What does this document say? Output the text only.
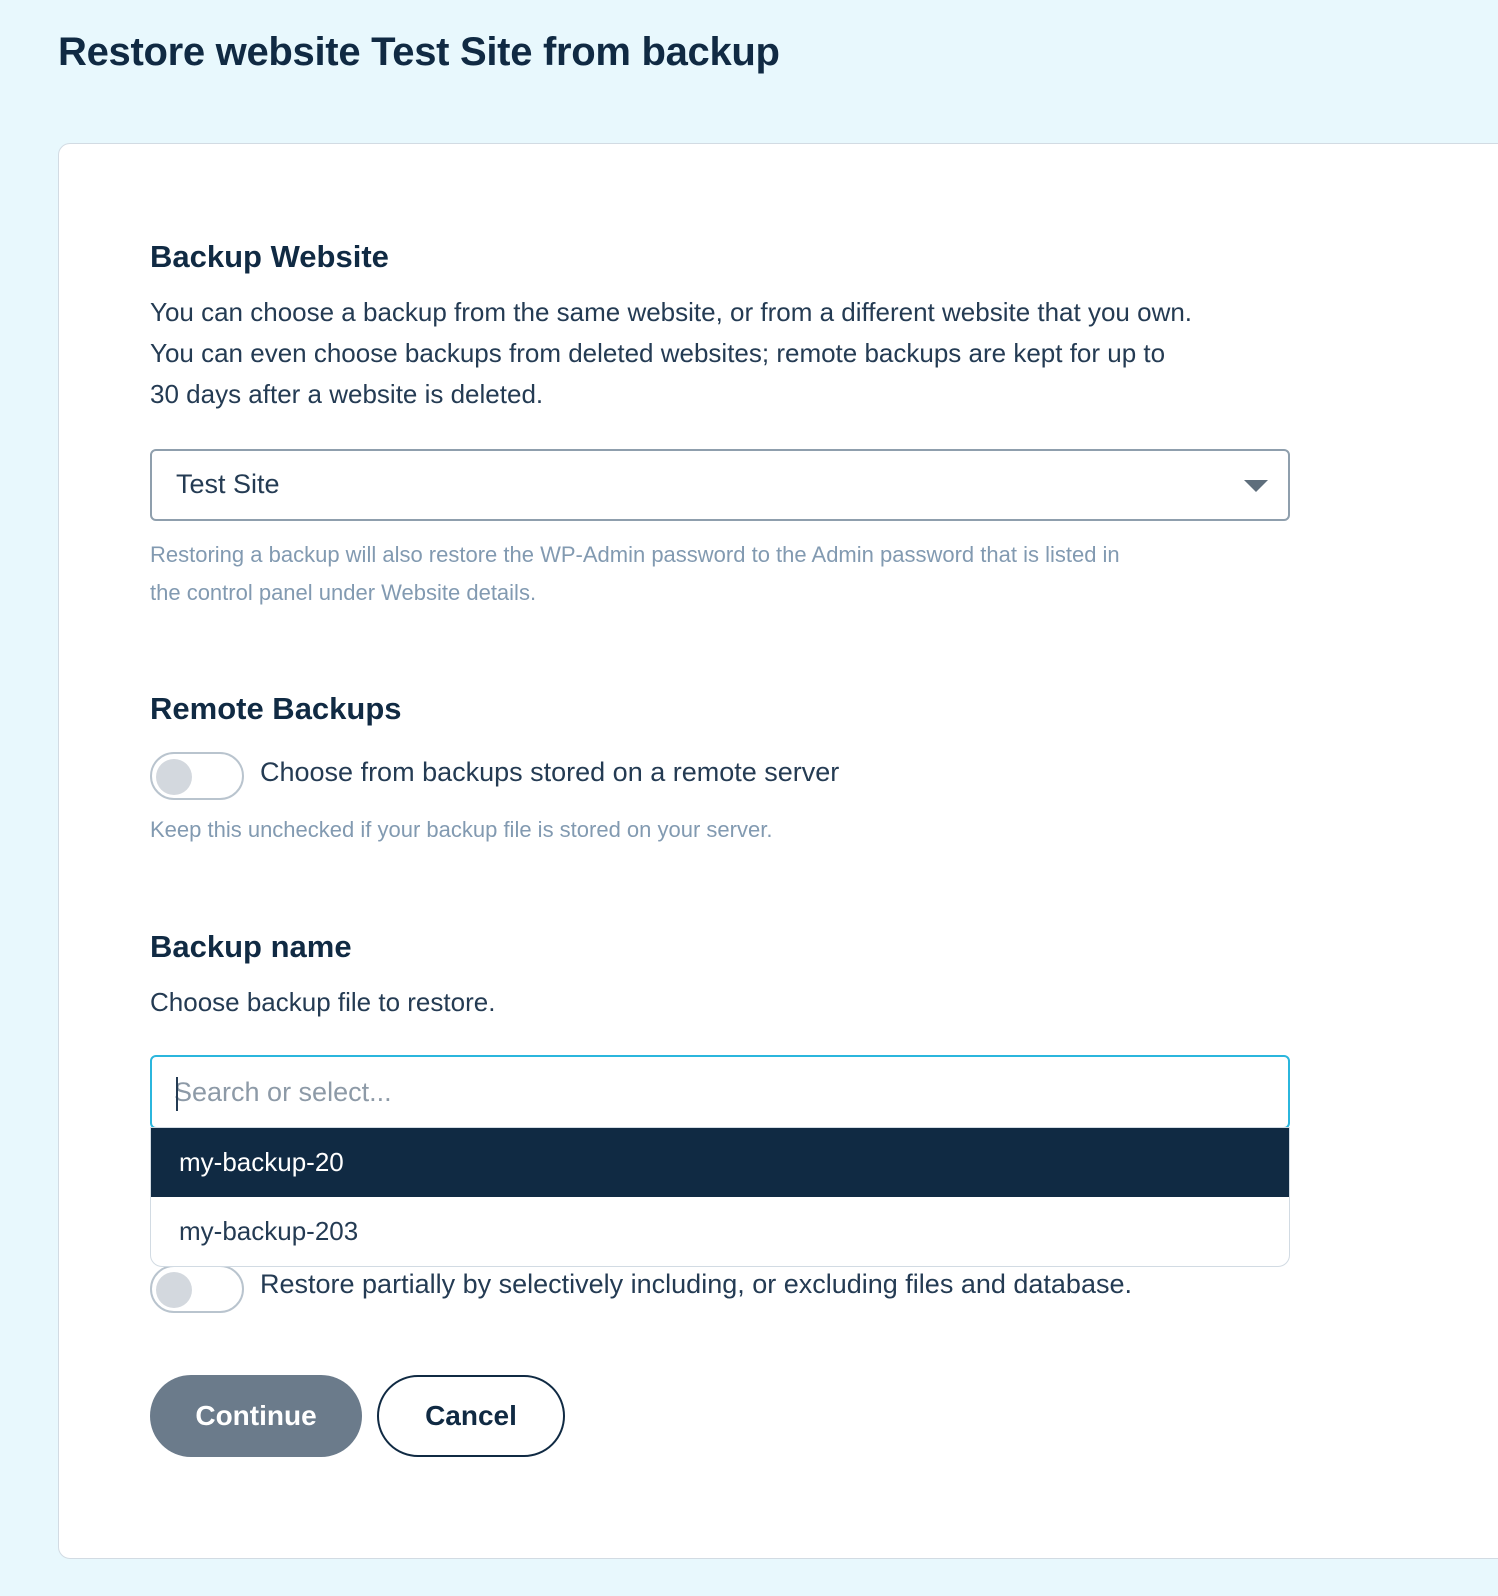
Restore website Test Site from backup
Backup Website
You can choose a backup from the same website, or from a different website that you own.
You can even choose backups from deleted websites; remote backups are kept for up to
30 days after a website is deleted.
Test Site
Restoring a backup will also restore the WP-Admin password to the Admin password that is listed in
the control panel under Website details.
Remote Backups
Choose from backups stored on a remote server
Keep this unchecked if your backup file is stored on your server.
Backup name
Choose backup file to restore.
Search or select...
my-backup-20
my-backup-203
Restore partially by selectively including, or excluding files and database.
Continue	Cancel
